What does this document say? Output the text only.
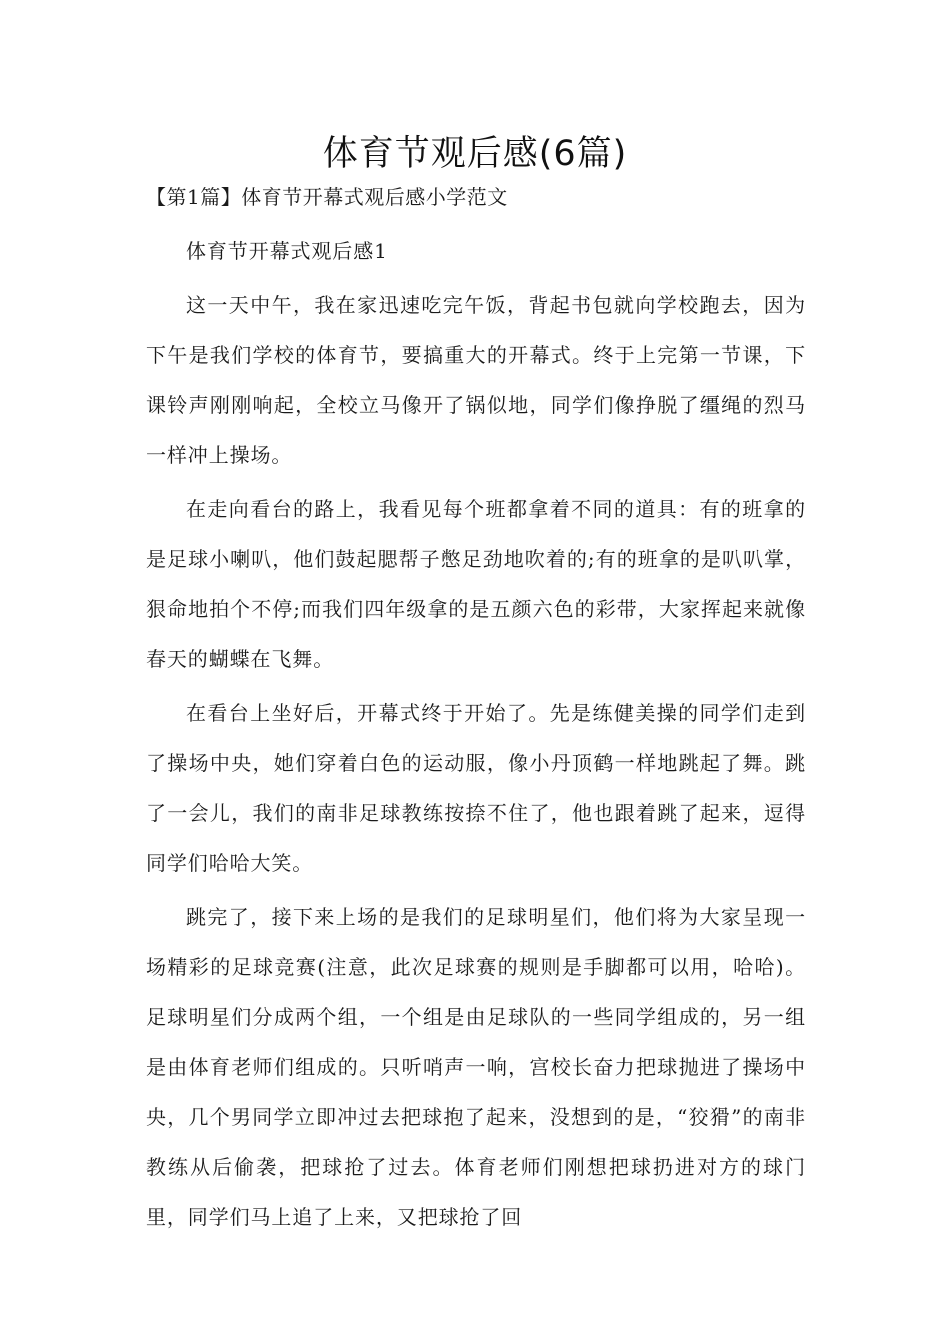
体育节观后感(6篇)
【第1篇】体育节开幕式观后感小学范文

体育节开幕式观后感1

这一天中午，我在家迅速吃完午饭，背起书包就向学校跑去，因为下午是我们学校的体育节，要搞重大的开幕式。终于上完第一节课，下课铃声刚刚响起，全校立马像开了锅似地，同学们像挣脱了缰绳的烈马一样冲上操场。

在走向看台的路上，我看见每个班都拿着不同的道具：有的班拿的是足球小喇叭，他们鼓起腮帮子憋足劲地吹着的;有的班拿的是叭叭掌，狠命地拍个不停;而我们四年级拿的是五颜六色的彩带，大家挥起来就像春天的蝴蝶在飞舞。

在看台上坐好后，开幕式终于开始了。先是练健美操的同学们走到了操场中央，她们穿着白色的运动服，像小丹顶鹤一样地跳起了舞。跳了一会儿，我们的南非足球教练按捺不住了，他也跟着跳了起来，逗得同学们哈哈大笑。

跳完了，接下来上场的是我们的足球明星们，他们将为大家呈现一场精彩的足球竞赛(注意，此次足球赛的规则是手脚都可以用，哈哈)。足球明星们分成两个组，一个组是由足球队的一些同学组成的，另一组是由体育老师们组成的。只听哨声一响，宫校长奋力把球抛进了操场中央，几个男同学立即冲过去把球抱了起来，没想到的是，“狡猾”的南非教练从后偷袭，把球抢了过去。体育老师们刚想把球扔进对方的球门里，同学们马上追了上来，又把球抢了回
